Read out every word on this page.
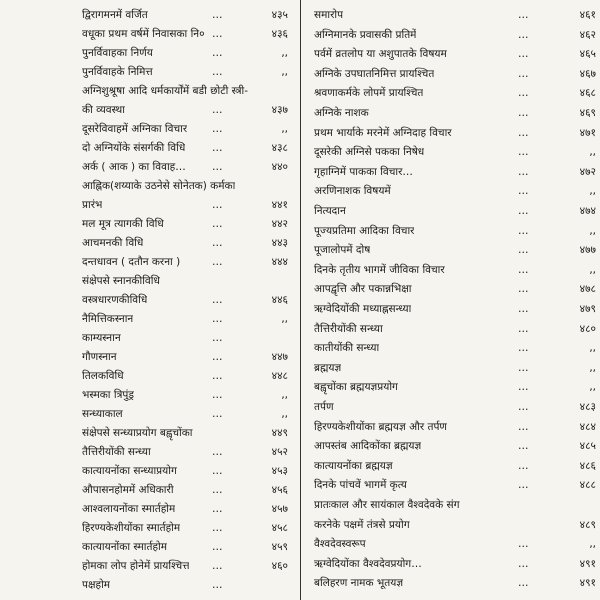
द्विरागमनमें वर्जित	…	४३५
वधूका प्रथम वर्षमें निवासका नि० …	४३६
पुनर्विवाहका निर्णय	…	,,
पुनर्विवाहके निमित्त	…	,,
अग्निशुश्रूषा आदि धर्मकार्योंमें बडी छोटी स्त्री-
की व्यवस्था	…	४३७
दूसरेविवाहमें अग्निका विचार …	,,
दो अग्नियोंके संसर्गकी विधि	…	४३८
अर्क ( आक ) का विवाह…	…	४४०
आह्निक(शय्याके उठनेसे सोनेतक) कर्मका
प्रारंभ	…	४४१
मल मूत्र त्यागकी विधि	…	४४२
आचमनकी विधि	…	४४३
दन्तधावन ( दतौन करना )	…	४४४
संक्षेपसे स्नानकीविधि
वस्त्रधारणकीविधि	…	४४६
नैमित्तिकस्नान	…	,,
काम्यस्नान	…
गौणस्नान	…	४४७
तिलकविधि	…	४४८
भस्मका त्रिपुंड्र	…	,,
सन्ध्याकाल	…	,,
संक्षेपसे सन्ध्याप्रयोग बह्वृचोंका	४४९
तैत्तिरीयोंकी सन्ध्या	…	४५२
कात्यायनोंका सन्ध्याप्रयोग	…	४५३
औपासनहोममें अधिकारी	…	४५६
आश्वलायनोंका स्मार्तहोम	…	४५७
हिरण्यकेशीयोंका स्मार्तहोम	…	४५८
कात्यायनोंका स्मार्तहोम	…	४५९
होमका लोप होनेमें प्रायश्चित्त …	४६०
पक्षहोम	…
समारोप	…	४६१
अग्निमानके प्रवासकी प्रतिमें	…	४६२
पर्वमें व्रतलोप या अशुपातके विषयम	…	४६५
अग्निके उपघातनिमित्त प्रायश्चित	…	४६७
श्रवणाकर्मके लोपमें प्रायश्चित	…	४६८
अग्निके नाशक	…	४६९
प्रथम भार्याके मरनेमें अग्निदाह विचार	…	४७१
दूसरेकी अग्निसे पकका निषेध	…	,,
गृहाग्निमें पाकका विचार…	…	४७२
अरणिनाशक विषयमें	…	,,
नित्यदान	…	४७४
पूज्यप्रतिमा आदिका विचार	…	,,
पूजालोपमें दोष	…	४७७
दिनके तृतीय भागमें जीविका विचार	…	,,
आपद्वृत्ति और पकान्नभिक्षा	…	४७८
ऋग्वेदियोंकी मध्याह्नसन्ध्या	…	४७९
तैत्तिरीयोंकी सन्ध्या	…	४८०
कातीयोंकी सन्ध्या	…	,,
ब्रह्मयज्ञ	…	,,
बह्वृचोंका ब्रह्मयज्ञप्रयोग	…	,,
तर्पण	…	४८३
हिरण्यकेशीयोंका ब्रह्मयज्ञ और तर्पण	…	४८४
आपस्तंब आदिकोंका ब्रह्मयज्ञ	…	४८५
कात्यायनोंका ब्रह्मयज्ञ	…	४८६
दिनके पांचवें भागमें कृत्य	…	४८८
प्रातःकाल और सायंकाल वैश्वदेवके संग
करनेके पक्षमें तंत्रसे प्रयोग	४८९
वैश्वदेवस्वरूप	…	,,
ऋग्वेदियोंका वैश्वदेवप्रयोग…	…	४९१
बलिहरण नामक भूतयज्ञ	…	४९१
